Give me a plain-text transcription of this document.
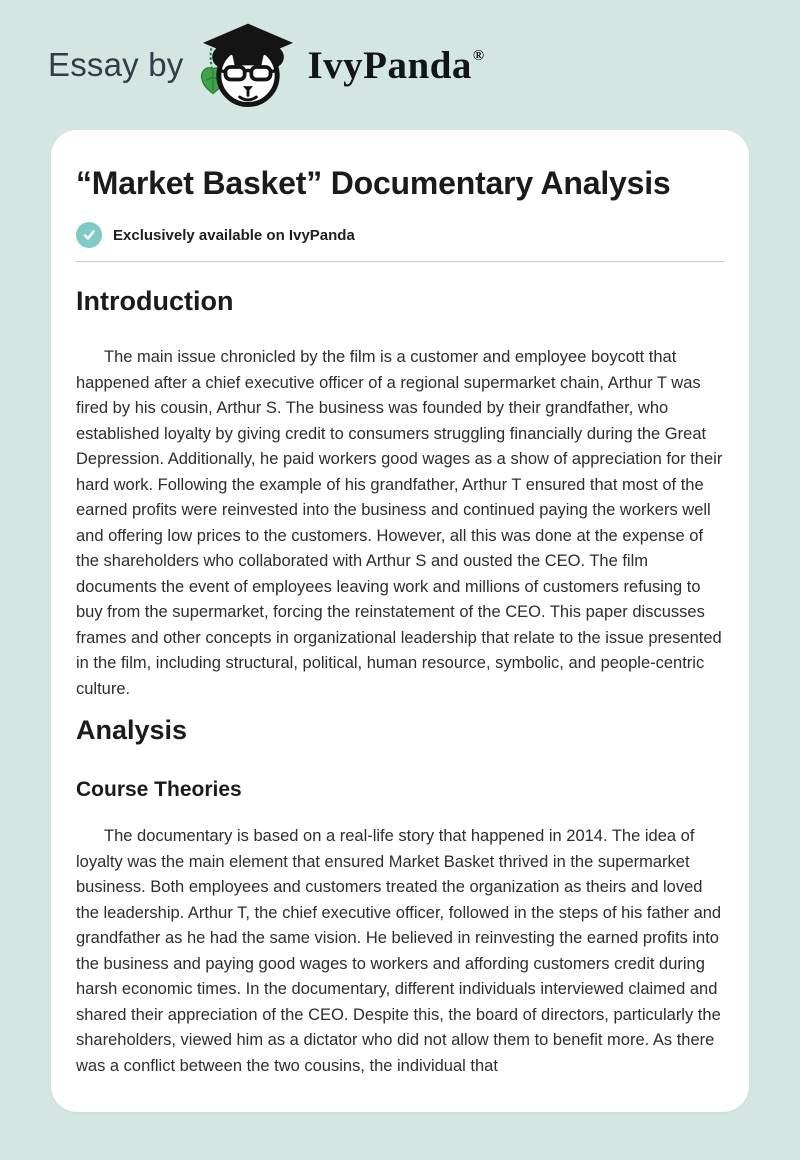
Essay by	IvyPanda®
“Market Basket” Documentary Analysis
Exclusively available on IvyPanda
Introduction

The main issue chronicled by the film is a customer and employee boycott that happened after a chief executive officer of a regional supermarket chain, Arthur T was fired by his cousin, Arthur S. The business was founded by their grandfather, who established loyalty by giving credit to consumers struggling financially during the Great Depression. Additionally, he paid workers good wages as a show of appreciation for their hard work. Following the example of his grandfather, Arthur T ensured that most of the earned profits were reinvested into the business and continued paying the workers well and offering low prices to the customers. However, all this was done at the expense of the shareholders who collaborated with Arthur S and ousted the CEO. The film documents the event of employees leaving work and millions of customers refusing to buy from the supermarket, forcing the reinstatement of the CEO. This paper discusses frames and other concepts in organizational leadership that relate to the issue presented in the film, including structural, political, human resource, symbolic, and people-centric culture.

Analysis
Course Theories

The documentary is based on a real-life story that happened in 2014. The idea of loyalty was the main element that ensured Market Basket thrived in the supermarket business. Both employees and customers treated the organization as theirs and loved the leadership. Arthur T, the chief executive officer, followed in the steps of his father and grandfather as he had the same vision. He believed in reinvesting the earned profits into the business and paying good wages to workers and affording customers credit during harsh economic times. In the documentary, different individuals interviewed claimed and shared their appreciation of the CEO. Despite this, the board of directors, particularly the shareholders, viewed him as a dictator who did not allow them to benefit more. As there was a conflict between the two cousins, the individual that
